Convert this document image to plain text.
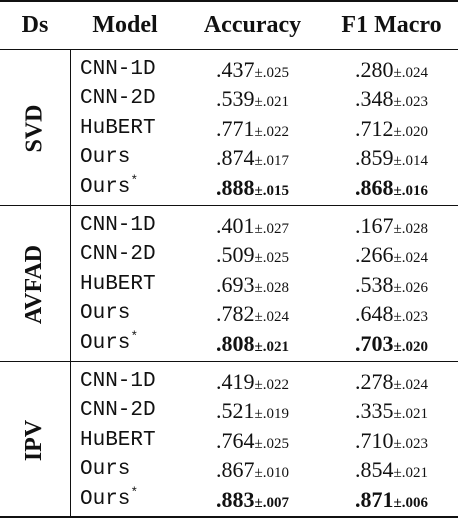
Ds	Model	Accuracy	F1 Macro
SVD
CNN-1D	.437±.025	.280±.024
CNN-2D	.539±.021	.348±.023
HuBERT	.771±.022	.712±.020
Ours	.874±.017	.859±.014
Ours*	.888±.015	.868±.016
AVFAD
CNN-1D	.401±.027	.167±.028
CNN-2D	.509±.025	.266±.024
HuBERT	.693±.028	.538±.026
Ours	.782±.024	.648±.023
Ours*	.808±.021	.703±.020
IPV
CNN-1D	.419±.022	.278±.024
CNN-2D	.521±.019	.335±.021
HuBERT	.764±.025	.710±.023
Ours	.867±.010	.854±.021
Ours*	.883±.007	.871±.006
